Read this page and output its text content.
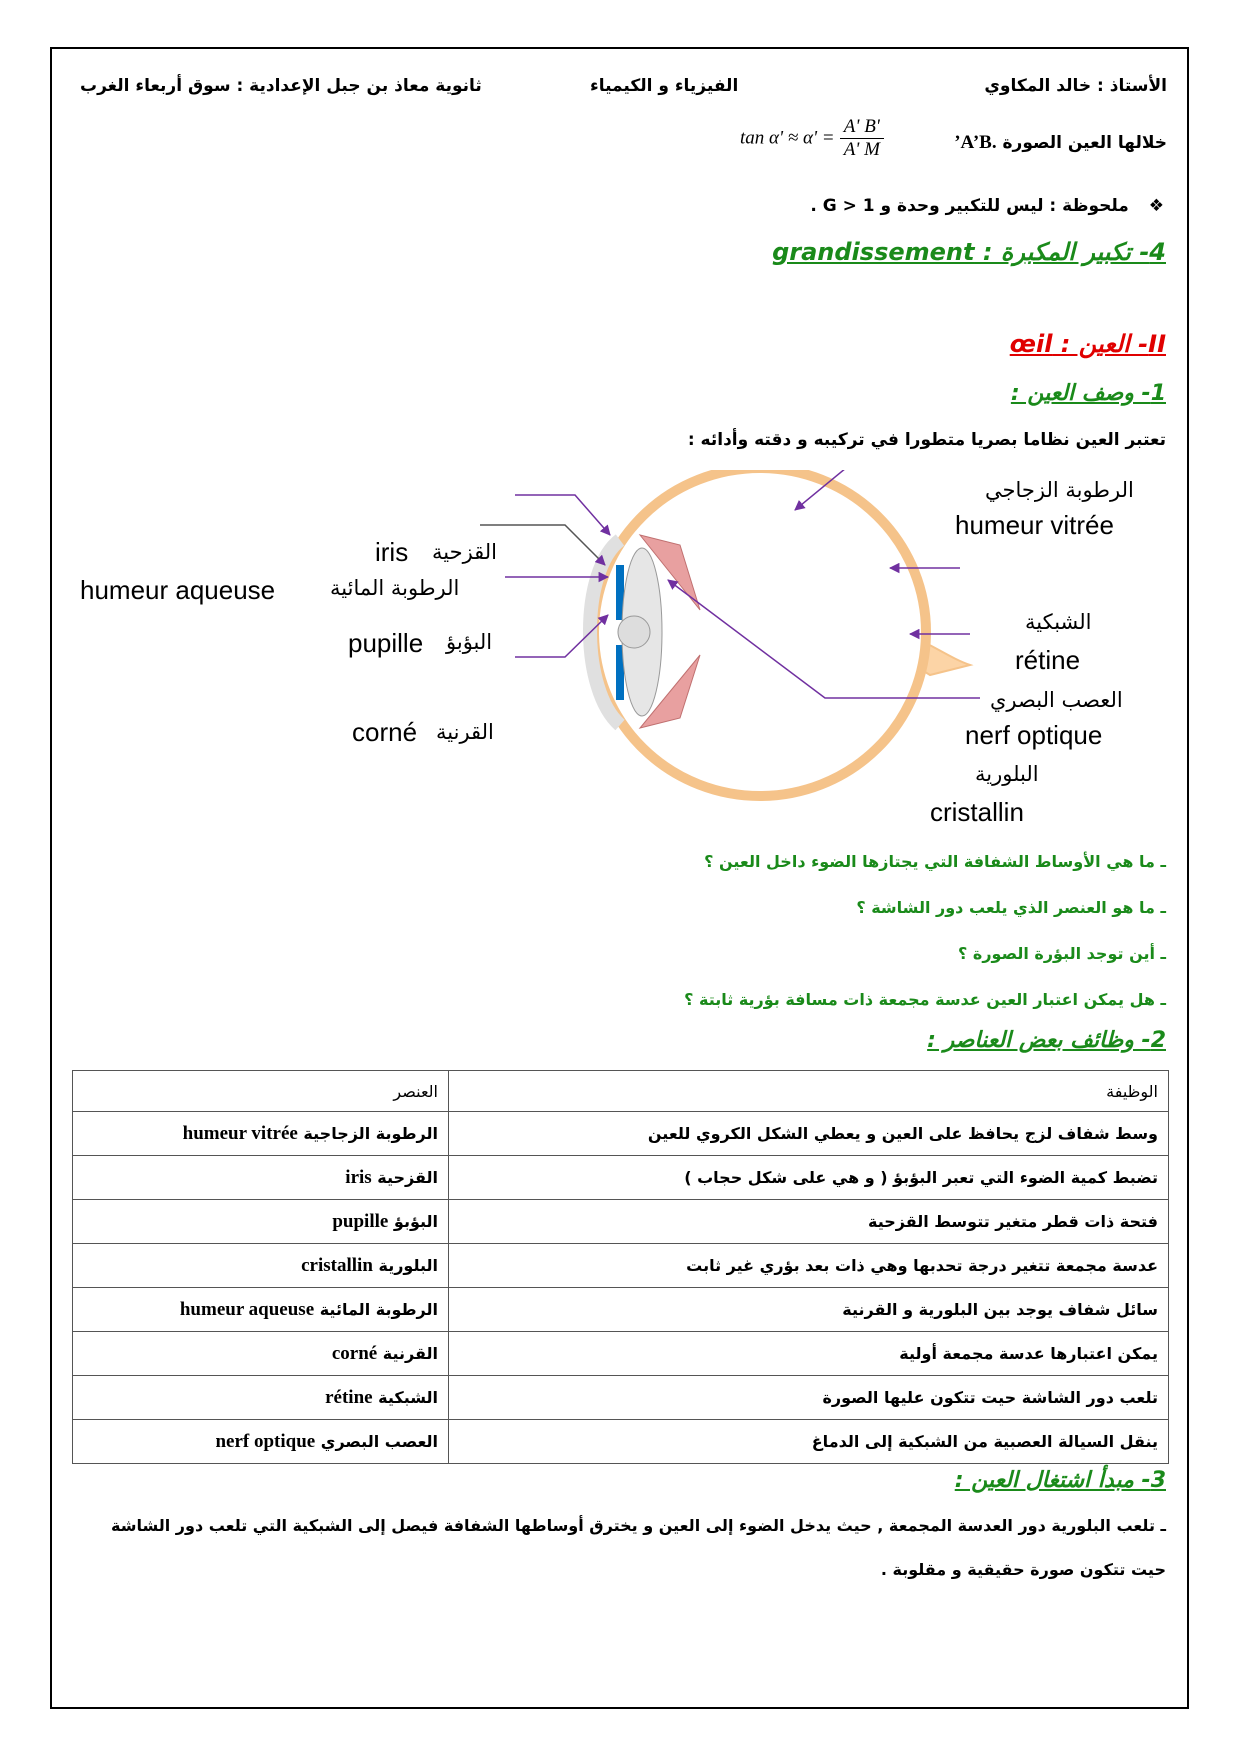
الأستاذ : خالد المكاوي
الفيزياء و الكيمياء
ثانوية معاذ بن جبل الإعدادية : سوق أربعاء الغرب
خلالها العين الصورة .A’B’
$\tan \alpha' \approx \alpha' = \frac{A' B'}{A' M}$
❖ ملحوظة : ليس للتكبير وحدة و G > 1 .
4- تكبير المكبرة : grandissement
II- العين : œil
1- وصف العين :
تعتبر العين نظاما بصريا متطورا في تركيبه و دقته وأدائه :
الرطوبة الزجاجي
humeur vitrée
iris القزحية
humeur aqueuse	الرطوبة المائية
pupille البؤبؤ
corné القرنية
الشبكية
rétine
العصب البصري
nerf optique
البلورية
cristallin
ـ ما هي الأوساط الشفافة التي يجتازها الضوء داخل العين ؟
ـ ما هو العنصر الذي يلعب دور الشاشة ؟
ـ أين توجد البؤرة الصورة ؟
ـ هل يمكن اعتبار العين عدسة مجمعة ذات مسافة بؤرية ثابتة ؟
2- وظائف بعض العناصر :
العنصر	الوظيفة
الرطوبة الزجاجية humeur vitrée	وسط شفاف لزج يحافظ على العين و يعطي الشكل الكروي للعين
القزحية iris	تضبط كمية الضوء التي تعبر البؤبؤ ( و هي على شكل حجاب )
البؤبؤ pupille	فتحة ذات قطر متغير تتوسط القزحية
البلورية cristallin	عدسة مجمعة تتغير درجة تحدبها وهي ذات بعد بؤري غير ثابت
الرطوبة المائية humeur aqueuse	سائل شفاف يوجد بين البلورية و القرنية
القرنية corné	يمكن اعتبارها عدسة مجمعة أولية
الشبكية rétine	تلعب دور الشاشة حيت تتكون عليها الصورة
العصب البصري nerf optique	ينقل السيالة العصبية من الشبكية إلى الدماغ
3- مبدأ اشتغال العين :
ـ تلعب البلورية دور العدسة المجمعة , حيث يدخل الضوء إلى العين و يخترق أوساطها الشفافة فيصل إلى الشبكية التي تلعب دور الشاشة
حيت تتكون صورة حقيقية و مقلوبة .
